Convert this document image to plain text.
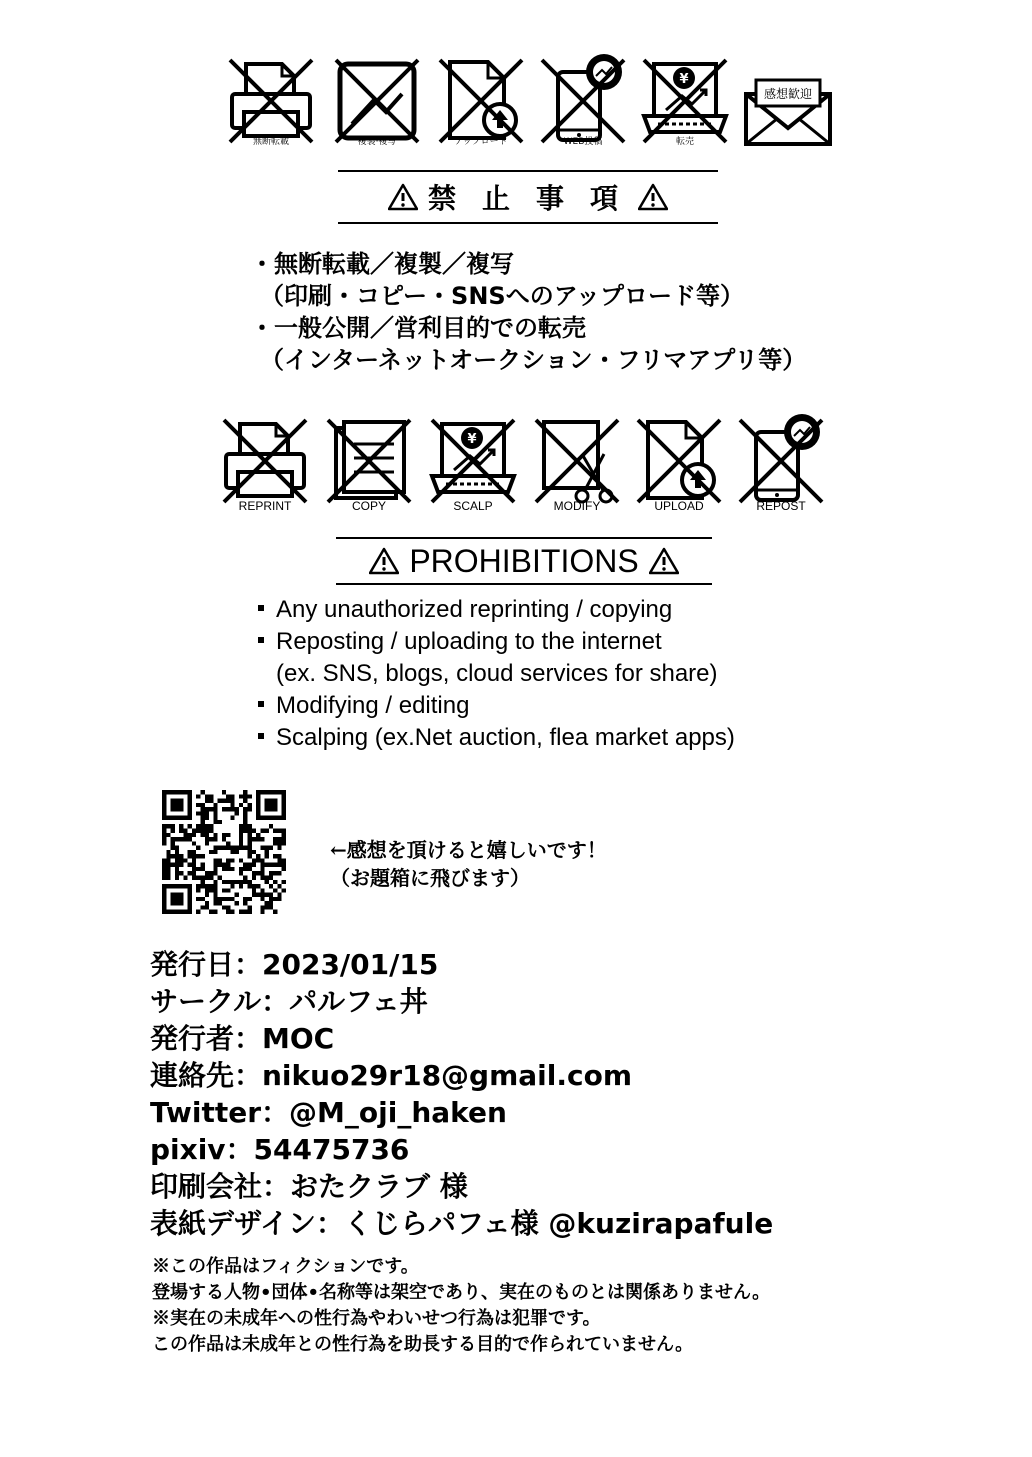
無断転載	複製·複写	アップロード	WEB投稿	転売
感想歓迎
禁止事項
・無断転載／複製／複写
（印刷・コピー・SNSへのアップロード等）
・一般公開／営利目的での転売
（インターネットオークション・フリマアプリ等）
REPRINT	COPY	SCALP	MODIFY	UPLOAD	REPOST
PROHIBITIONS
Any unauthorized reprinting / copying
Reposting / uploading to the internet
(ex. SNS, blogs, cloud services for share)
Modifying / editing
Scalping (ex.Net auction, flea market apps)
←感想を頂けると嬉しいです！
（お題箱に飛びます）
発行日：2023/01/15
サークル：パルフェ丼
発行者：MOC
連絡先：nikuo29r18@gmail.com
Twitter：@M_oji_haken
pixiv：54475736
印刷会社：おたクラブ 様
表紙デザイン：くじらパフェ様 @kuzirapafule
※この作品はフィクションです。
登場する人物•団体•名称等は架空であり、実在のものとは関係ありません。
※実在の未成年への性行為やわいせつ行為は犯罪です。
この作品は未成年との性行為を助長する目的で作られていません。
